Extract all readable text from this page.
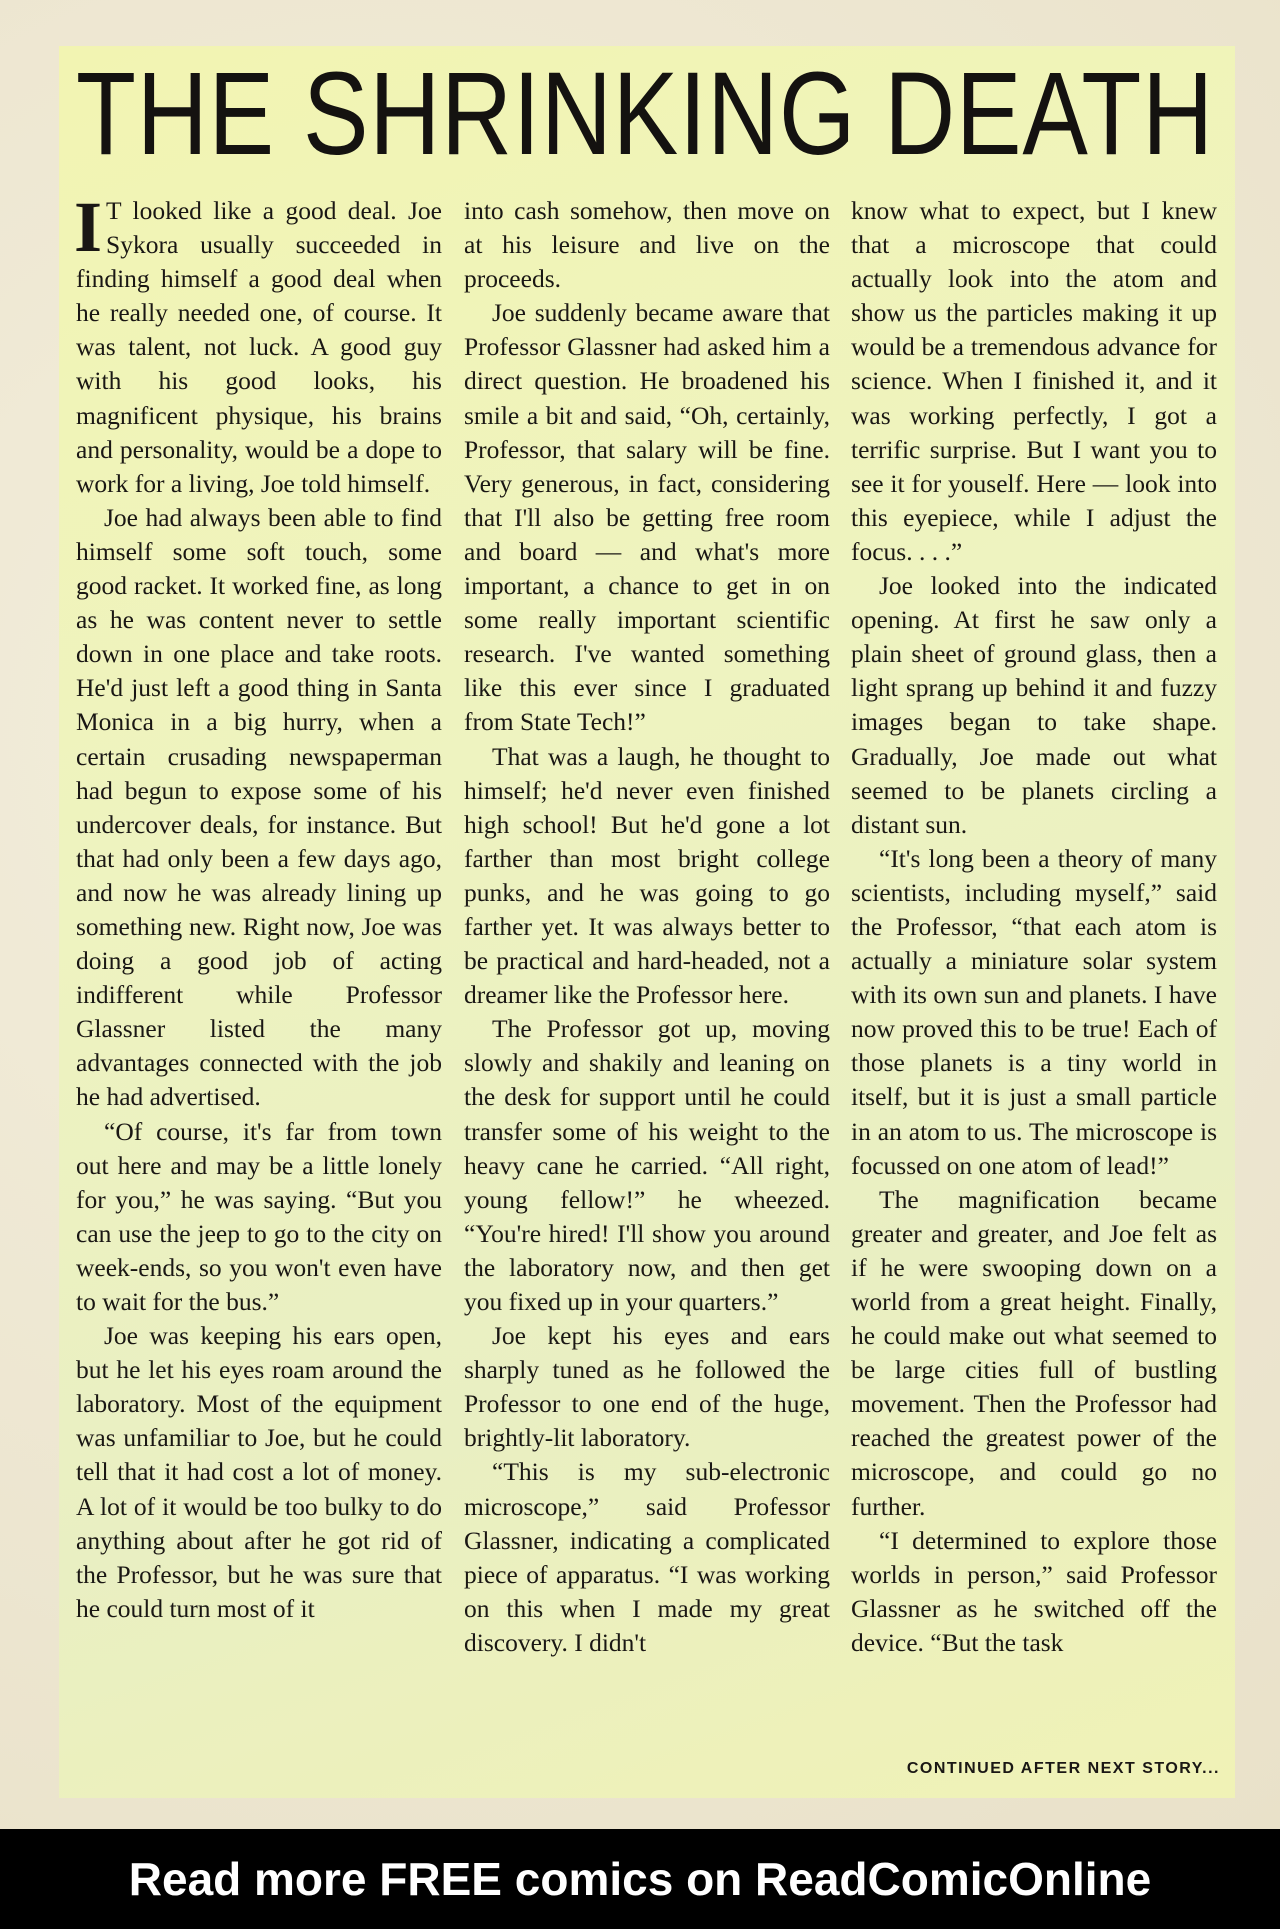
THE SHRINKING DEATH

I T looked like a good deal. Joe Sykora usually succeeded in finding himself a good deal when he really needed one, of course. It was talent, not luck. A good guy with his good looks, his magnificent physique, his brains and personality, would be a dope to work for a living, Joe told himself.

Joe had always been able to find himself some soft touch, some good racket. It worked fine, as long as he was content never to settle down in one place and take roots. He'd just left a good thing in Santa Monica in a big hurry, when a certain crusading newspaperman had begun to expose some of his undercover deals, for instance. But that had only been a few days ago, and now he was already lining up something new. Right now, Joe was doing a good job of acting indifferent while Professor Glassner listed the many advantages connected with the job he had advertised.

“Of course, it's far from town out here and may be a little lonely for you,” he was saying. “But you can use the jeep to go to the city on week-ends, so you won't even have to wait for the bus.”

Joe was keeping his ears open, but he let his eyes roam around the laboratory. Most of the equipment was unfamiliar to Joe, but he could tell that it had cost a lot of money. A lot of it would be too bulky to do anything about after he got rid of the Professor, but he was sure that he could turn most of it

into cash somehow, then move on at his leisure and live on the proceeds.

Joe suddenly became aware that Professor Glassner had asked him a direct question. He broadened his smile a bit and said, “Oh, certainly, Professor, that salary will be fine. Very generous, in fact, considering that I'll also be getting free room and board — and what's more important, a chance to get in on some really important scientific research. I've wanted something like this ever since I graduated from State Tech!”

That was a laugh, he thought to himself; he'd never even finished high school! But he'd gone a lot farther than most bright college punks, and he was going to go farther yet. It was always better to be practical and hard-headed, not a dreamer like the Professor here.

The Professor got up, moving slowly and shakily and leaning on the desk for support until he could transfer some of his weight to the heavy cane he carried. “All right, young fellow!” he wheezed. “You're hired! I'll show you around the laboratory now, and then get you fixed up in your quarters.”

Joe kept his eyes and ears sharply tuned as he followed the Professor to one end of the huge, brightly-lit laboratory.

“This is my sub-electronic microscope,” said Professor Glassner, indicating a complicated piece of apparatus. “I was working on this when I made my great discovery. I didn't

know what to expect, but I knew that a microscope that could actually look into the atom and show us the particles making it up would be a tremendous advance for science. When I finished it, and it was working perfectly, I got a terrific surprise. But I want you to see it for youself. Here — look into this eyepiece, while I adjust the focus. . . .”

Joe looked into the indicated opening. At first he saw only a plain sheet of ground glass, then a light sprang up behind it and fuzzy images began to take shape. Gradually, Joe made out what seemed to be planets circling a distant sun.

“It's long been a theory of many scientists, including myself,” said the Professor, “that each atom is actually a miniature solar system with its own sun and planets. I have now proved this to be true! Each of those planets is a tiny world in itself, but it is just a small particle in an atom to us. The microscope is focussed on one atom of lead!”

The magnification became greater and greater, and Joe felt as if he were swooping down on a world from a great height. Finally, he could make out what seemed to be large cities full of bustling movement. Then the Professor had reached the greatest power of the microscope, and could go no further.

“I determined to explore those worlds in person,” said Professor Glassner as he switched off the device. “But the task

CONTINUED AFTER NEXT STORY...
Read more FREE comics on ReadComicOnline
